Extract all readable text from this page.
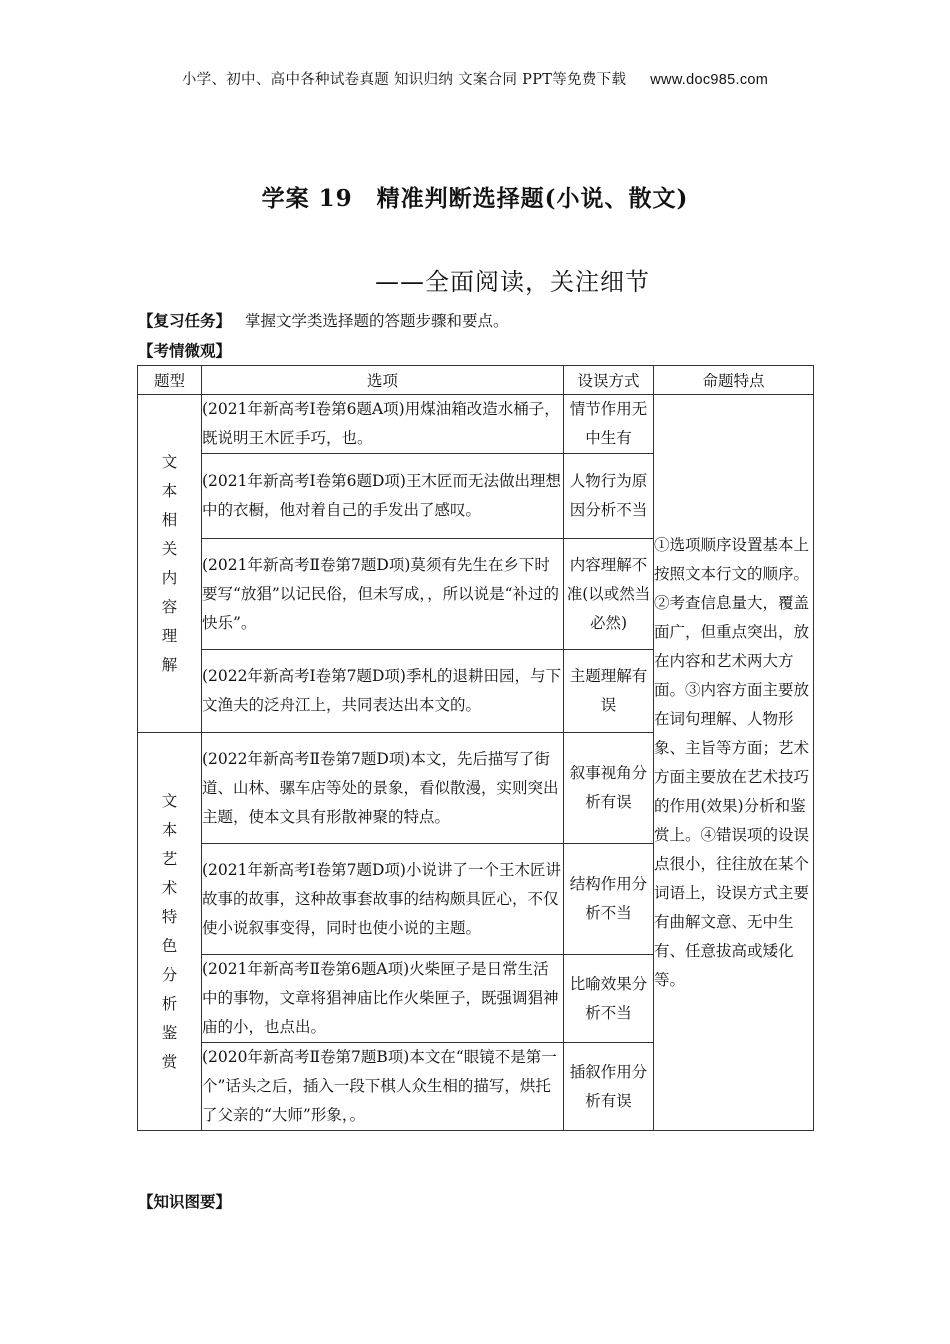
小学、初中、高中各种试卷真题 知识归纳 文案合同 PPT等免费下载 www.doc985.com
学案 19　精准判断选择题(小说、散文)
——全面阅读，关注细节
【复习任务】 掌握文学类选择题的答题步骤和要点。
【考情微观】
题型	选项	设误方式	命题特点
文本相关内容理解	(2021年新高考Ⅰ卷第6题A项)用煤油箱改造水桶子，既说明王木匠手巧，也。	情节作用无中生有	①选项顺序设置基本上按照文本行文的顺序。②考查信息量大，覆盖面广，但重点突出，放在内容和艺术两大方面。③内容方面主要放在词句理解、人物形象、主旨等方面；艺术方面主要放在艺术技巧的作用(效果)分析和鉴赏上。④错误项的设误点很小，往往放在某个词语上，设误方式主要有曲解文意、无中生有、任意拔高或矮化等。
	(2021年新高考Ⅰ卷第6题D项)王木匠而无法做出理想中的衣橱，他对着自己的手发出了感叹。	人物行为原因分析不当	
	(2021年新高考Ⅱ卷第7题D项)莫须有先生在乡下时要写“放猖”以记民俗，但未写成，，所以说是“补过的快乐”。	内容理解不准(以或然当必然)	
	(2022年新高考Ⅰ卷第7题D项)季札的退耕田园，与下文渔夫的泛舟江上，共同表达出本文的。	主题理解有误	
文本艺术特色分析鉴赏	(2022年新高考Ⅱ卷第7题D项)本文，先后描写了街道、山林、骡车店等处的景象，看似散漫，实则突出主题，使本文具有形散神聚的特点。	叙事视角分析有误	
	(2021年新高考Ⅰ卷第7题D项)小说讲了一个王木匠讲故事的故事，这种故事套故事的结构颇具匠心，不仅使小说叙事变得，同时也使小说的主题。	结构作用分析不当	
	(2021年新高考Ⅱ卷第6题A项)火柴匣子是日常生活中的事物，文章将猖神庙比作火柴匣子，既强调猖神庙的小，也点出。	比喻效果分析不当	
	(2020年新高考Ⅱ卷第7题B项)本文在“眼镜不是第一个”话头之后，插入一段下棋人众生相的描写，烘托了父亲的“大师”形象，。	插叙作用分析有误	
【知识图要】
